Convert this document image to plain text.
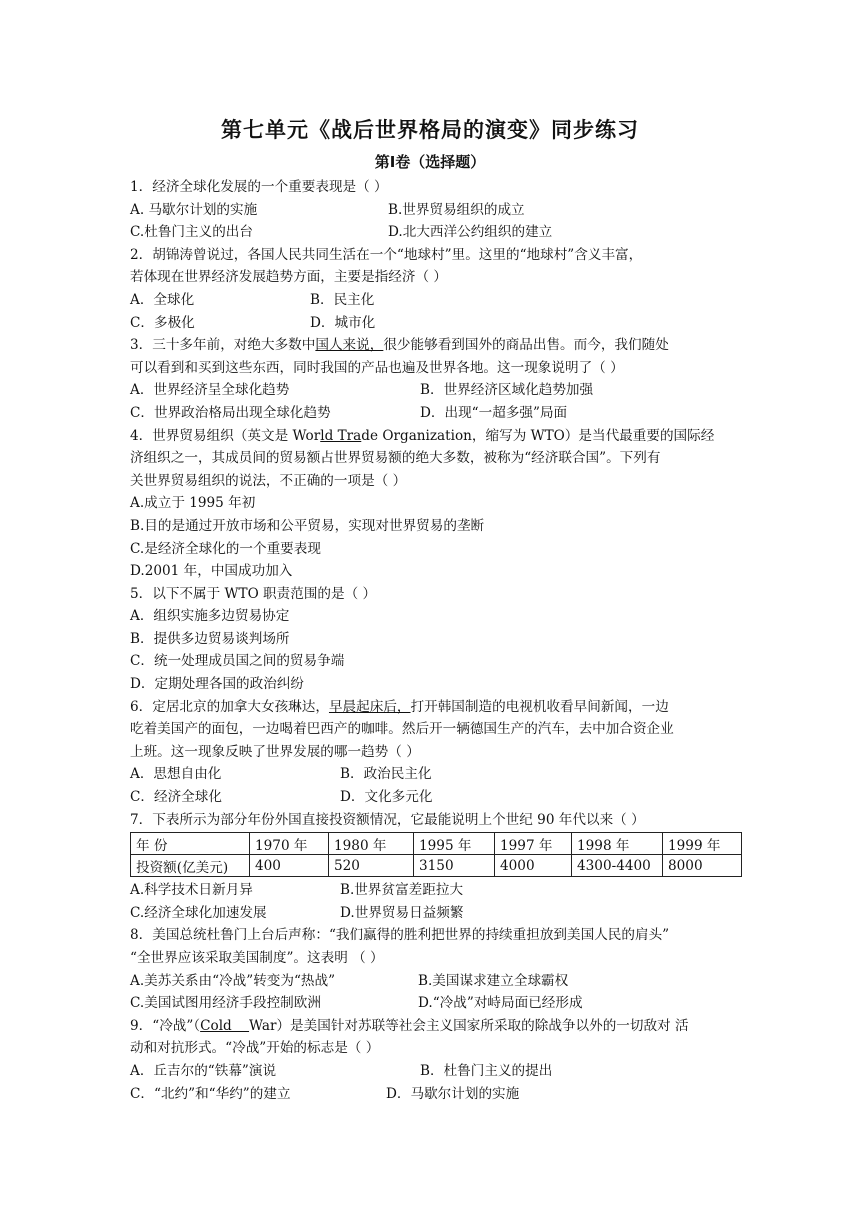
第七单元《战后世界格局的演变》同步练习
第Ⅰ卷（选择题）
1．经济全球化发展的一个重要表现是（ ）
A. 马歇尔计划的实施	B.世界贸易组织的成立
C.杜鲁门主义的出台	D.北大西洋公约组织的建立
2．胡锦涛曾说过，各国人民共同生活在一个“地球村”里。这里的“地球村”含义丰富，
若体现在世界经济发展趋势方面，主要是指经济（ ）
A．全球化	B．民主化
C．多极化	D．城市化
3．三十多年前，对绝大多数中国人来说，很少能够看到国外的商品出售。而今，我们随处
可以看到和买到这些东西，同时我国的产品也遍及世界各地。这一现象说明了（ ）
A．世界经济呈全球化趋势	B．世界经济区域化趋势加强
C．世界政治格局出现全球化趋势	D．出现“一超多强”局面
4．世界贸易组织（英文是 World Trade Organization，缩写为 WTO）是当代最重要的国际经
济组织之一，其成员间的贸易额占世界贸易额的绝大多数，被称为“经济联合国”。下列有
关世界贸易组织的说法，不正确的一项是（ ）
A.成立于 1995 年初
B.目的是通过开放市场和公平贸易，实现对世界贸易的垄断
C.是经济全球化的一个重要表现
D.2001 年，中国成功加入
5．以下不属于 WTO 职责范围的是（ ）
A．组织实施多边贸易协定
B．提供多边贸易谈判场所
C．统一处理成员国之间的贸易争端
D．定期处理各国的政治纠纷
6．定居北京的加拿大女孩琳达，早晨起床后，打开韩国制造的电视机收看早间新闻，一边
吃着美国产的面包，一边喝着巴西产的咖啡。然后开一辆德国生产的汽车，去中加合资企业
上班。这一现象反映了世界发展的哪一趋势（ ）
A．思想自由化	B．政治民主化
C．经济全球化	D．文化多元化
7．下表所示为部分年份外国直接投资额情况，它最能说明上个世纪 90 年代以来（ ）
年 份	1970 年	1980 年	1995 年	1997 年	1998 年	1999 年
投资额(亿美元)	400	520	3150	4000	4300-4400	8000
A.科学技术日新月异	B.世界贫富差距拉大
C.经济全球化加速发展	D.世界贸易日益频繁
8．美国总统杜鲁门上台后声称：“我们赢得的胜利把世界的持续重担放到美国人民的肩头”
“全世界应该采取美国制度”。这表明 （ ）
A.美苏关系由“冷战”转变为“热战”	B.美国谋求建立全球霸权
C.美国试图用经济手段控制欧洲	D.“冷战”对峙局面已经形成
9．“冷战”（Cold    War）是美国针对苏联等社会主义国家所采取的除战争以外的一切敌对 活
动和对抗形式。“冷战”开始的标志是（ ）
A．丘吉尔的“铁幕”演说	B．杜鲁门主义的提出
C．“北约”和“华约”的建立	D．马歇尔计划的实施
